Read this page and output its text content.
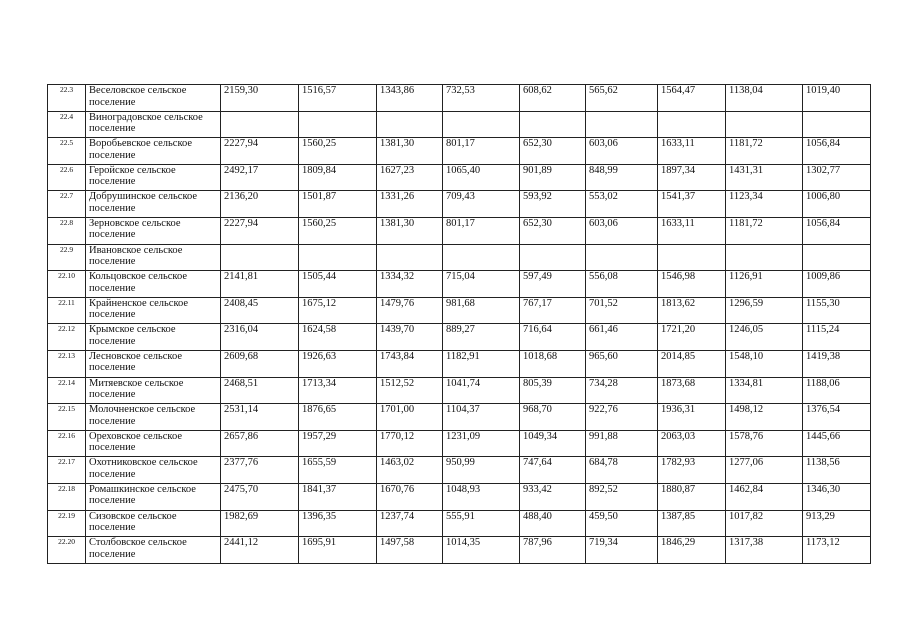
22.3	Веселовское сельское поселение	2159,30	1516,57	1343,86	732,53	608,62	565,62	1564,47	1138,04	1019,40
22.4	Виноградовское сельское поселение									
22.5	Воробьевское сельское поселение	2227,94	1560,25	1381,30	801,17	652,30	603,06	1633,11	1181,72	1056,84
22.6	Геройское сельское поселение	2492,17	1809,84	1627,23	1065,40	901,89	848,99	1897,34	1431,31	1302,77
22.7	Добрушинское сельское поселение	2136,20	1501,87	1331,26	709,43	593,92	553,02	1541,37	1123,34	1006,80
22.8	Зерновское сельское поселение	2227,94	1560,25	1381,30	801,17	652,30	603,06	1633,11	1181,72	1056,84
22.9	Ивановское сельское поселение									
22.10	Кольцовское сельское поселение	2141,81	1505,44	1334,32	715,04	597,49	556,08	1546,98	1126,91	1009,86
22.11	Крайненское сельское поселение	2408,45	1675,12	1479,76	981,68	767,17	701,52	1813,62	1296,59	1155,30
22.12	Крымское сельское поселение	2316,04	1624,58	1439,70	889,27	716,64	661,46	1721,20	1246,05	1115,24
22.13	Лесновское сельское поселение	2609,68	1926,63	1743,84	1182,91	1018,68	965,60	2014,85	1548,10	1419,38
22.14	Митяевское сельское поселение	2468,51	1713,34	1512,52	1041,74	805,39	734,28	1873,68	1334,81	1188,06
22.15	Молочненское сельское поселение	2531,14	1876,65	1701,00	1104,37	968,70	922,76	1936,31	1498,12	1376,54
22.16	Ореховское сельское поселение	2657,86	1957,29	1770,12	1231,09	1049,34	991,88	2063,03	1578,76	1445,66
22.17	Охотниковское сельское поселение	2377,76	1655,59	1463,02	950,99	747,64	684,78	1782,93	1277,06	1138,56
22.18	Ромашкинское сельское поселение	2475,70	1841,37	1670,76	1048,93	933,42	892,52	1880,87	1462,84	1346,30
22.19	Сизовское сельское поселение	1982,69	1396,35	1237,74	555,91	488,40	459,50	1387,85	1017,82	913,29
22.20	Столбовское сельское поселение	2441,12	1695,91	1497,58	1014,35	787,96	719,34	1846,29	1317,38	1173,12
